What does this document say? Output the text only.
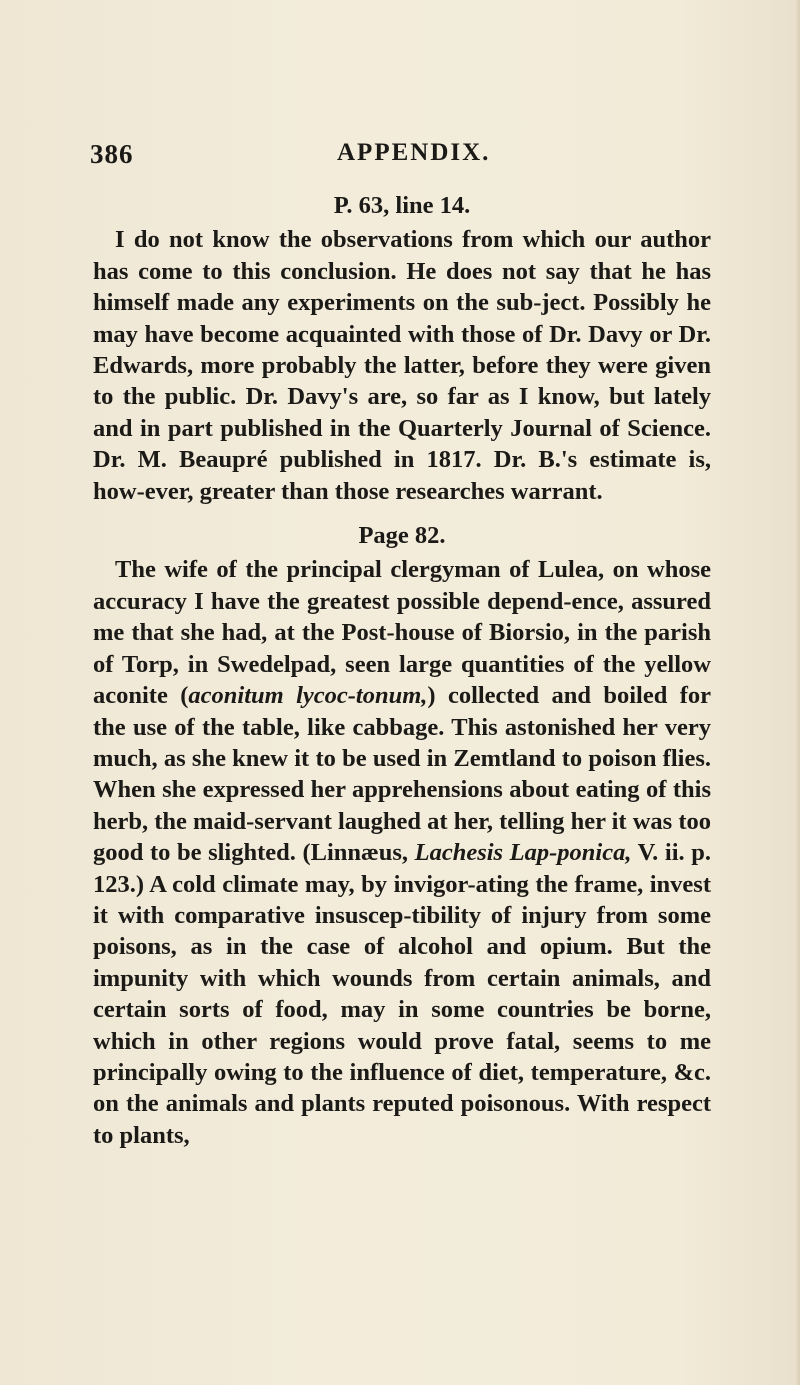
386	APPENDIX.

P. 63, line 14.

I do not know the observations from which our author has come to this conclusion. He does not say that he has himself made any experiments on the sub-ject. Possibly he may have become acquainted with those of Dr. Davy or Dr. Edwards, more probably the latter, before they were given to the public. Dr. Davy's are, so far as I know, but lately and in part published in the Quarterly Journal of Science. Dr. M. Beaupré published in 1817. Dr. B.'s estimate is, how-ever, greater than those researches warrant.

Page 82.

The wife of the principal clergyman of Lulea, on whose accuracy I have the greatest possible depend-ence, assured me that she had, at the Post-house of Biorsio, in the parish of Torp, in Swedelpad, seen large quantities of the yellow aconite (aconitum lycoc-tonum,) collected and boiled for the use of the table, like cabbage. This astonished her very much, as she knew it to be used in Zemtland to poison flies. When she expressed her apprehensions about eating of this herb, the maid-servant laughed at her, telling her it was too good to be slighted. (Linnæus, Lachesis Lap-ponica, V. ii. p. 123.) A cold climate may, by invigor-ating the frame, invest it with comparative insuscep-tibility of injury from some poisons, as in the case of alcohol and opium. But the impunity with which wounds from certain animals, and certain sorts of food, may in some countries be borne, which in other regions would prove fatal, seems to me principally owing to the influence of diet, temperature, &c. on the animals and plants reputed poisonous. With respect to plants,
